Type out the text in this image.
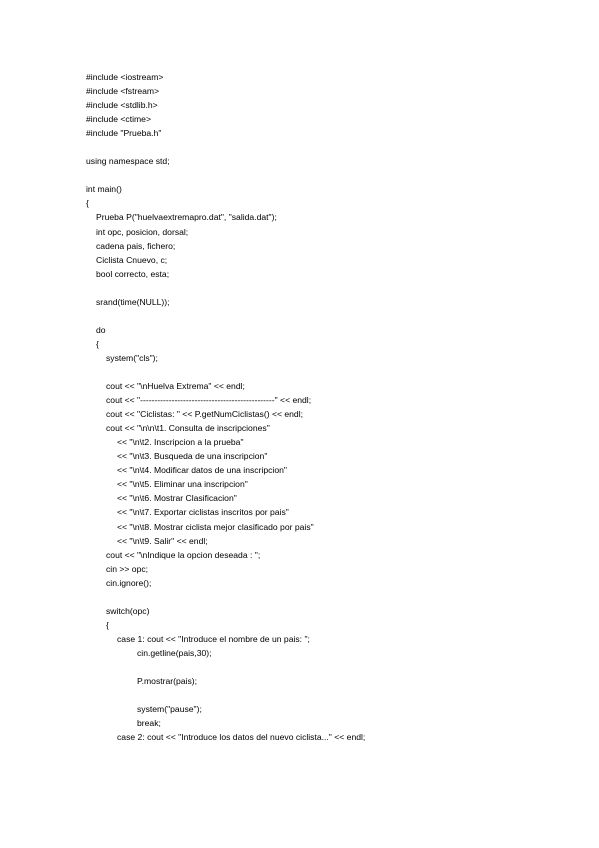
#include <iostream>
#include <fstream>
#include <stdlib.h>
#include <ctime>
#include "Prueba.h"
using namespace std;
int main()
{
Prueba P("huelvaextremapro.dat", "salida.dat");
int opc, posicion, dorsal;
cadena pais, fichero;
Ciclista Cnuevo, c;
bool correcto, esta;
srand(time(NULL));
do
{
system("cls");
cout << "\nHuelva Extrema" << endl;
cout << "-----------------------------------------------" << endl;
cout << "Ciclistas: " << P.getNumCiclistas() << endl;
cout << "\n\n\t1. Consulta de inscripciones"
<< "\n\t2. Inscripcion a la prueba"
<< "\n\t3. Busqueda de una inscripcion"
<< "\n\t4. Modificar datos de una inscripcion"
<< "\n\t5. Eliminar una inscripcion"
<< "\n\t6. Mostrar Clasificacion"
<< "\n\t7. Exportar ciclistas inscritos por pais"
<< "\n\t8. Mostrar ciclista mejor clasificado por pais"
<< "\n\t9. Salir" << endl;
cout << "\nIndique la opcion deseada : ";
cin >> opc;
cin.ignore();
switch(opc)
{
case 1: cout << "Introduce el nombre de un pais: ";
cin.getline(pais,30);
P.mostrar(pais);
system("pause");
break;
case 2: cout << "Introduce los datos del nuevo ciclista..." << endl;
